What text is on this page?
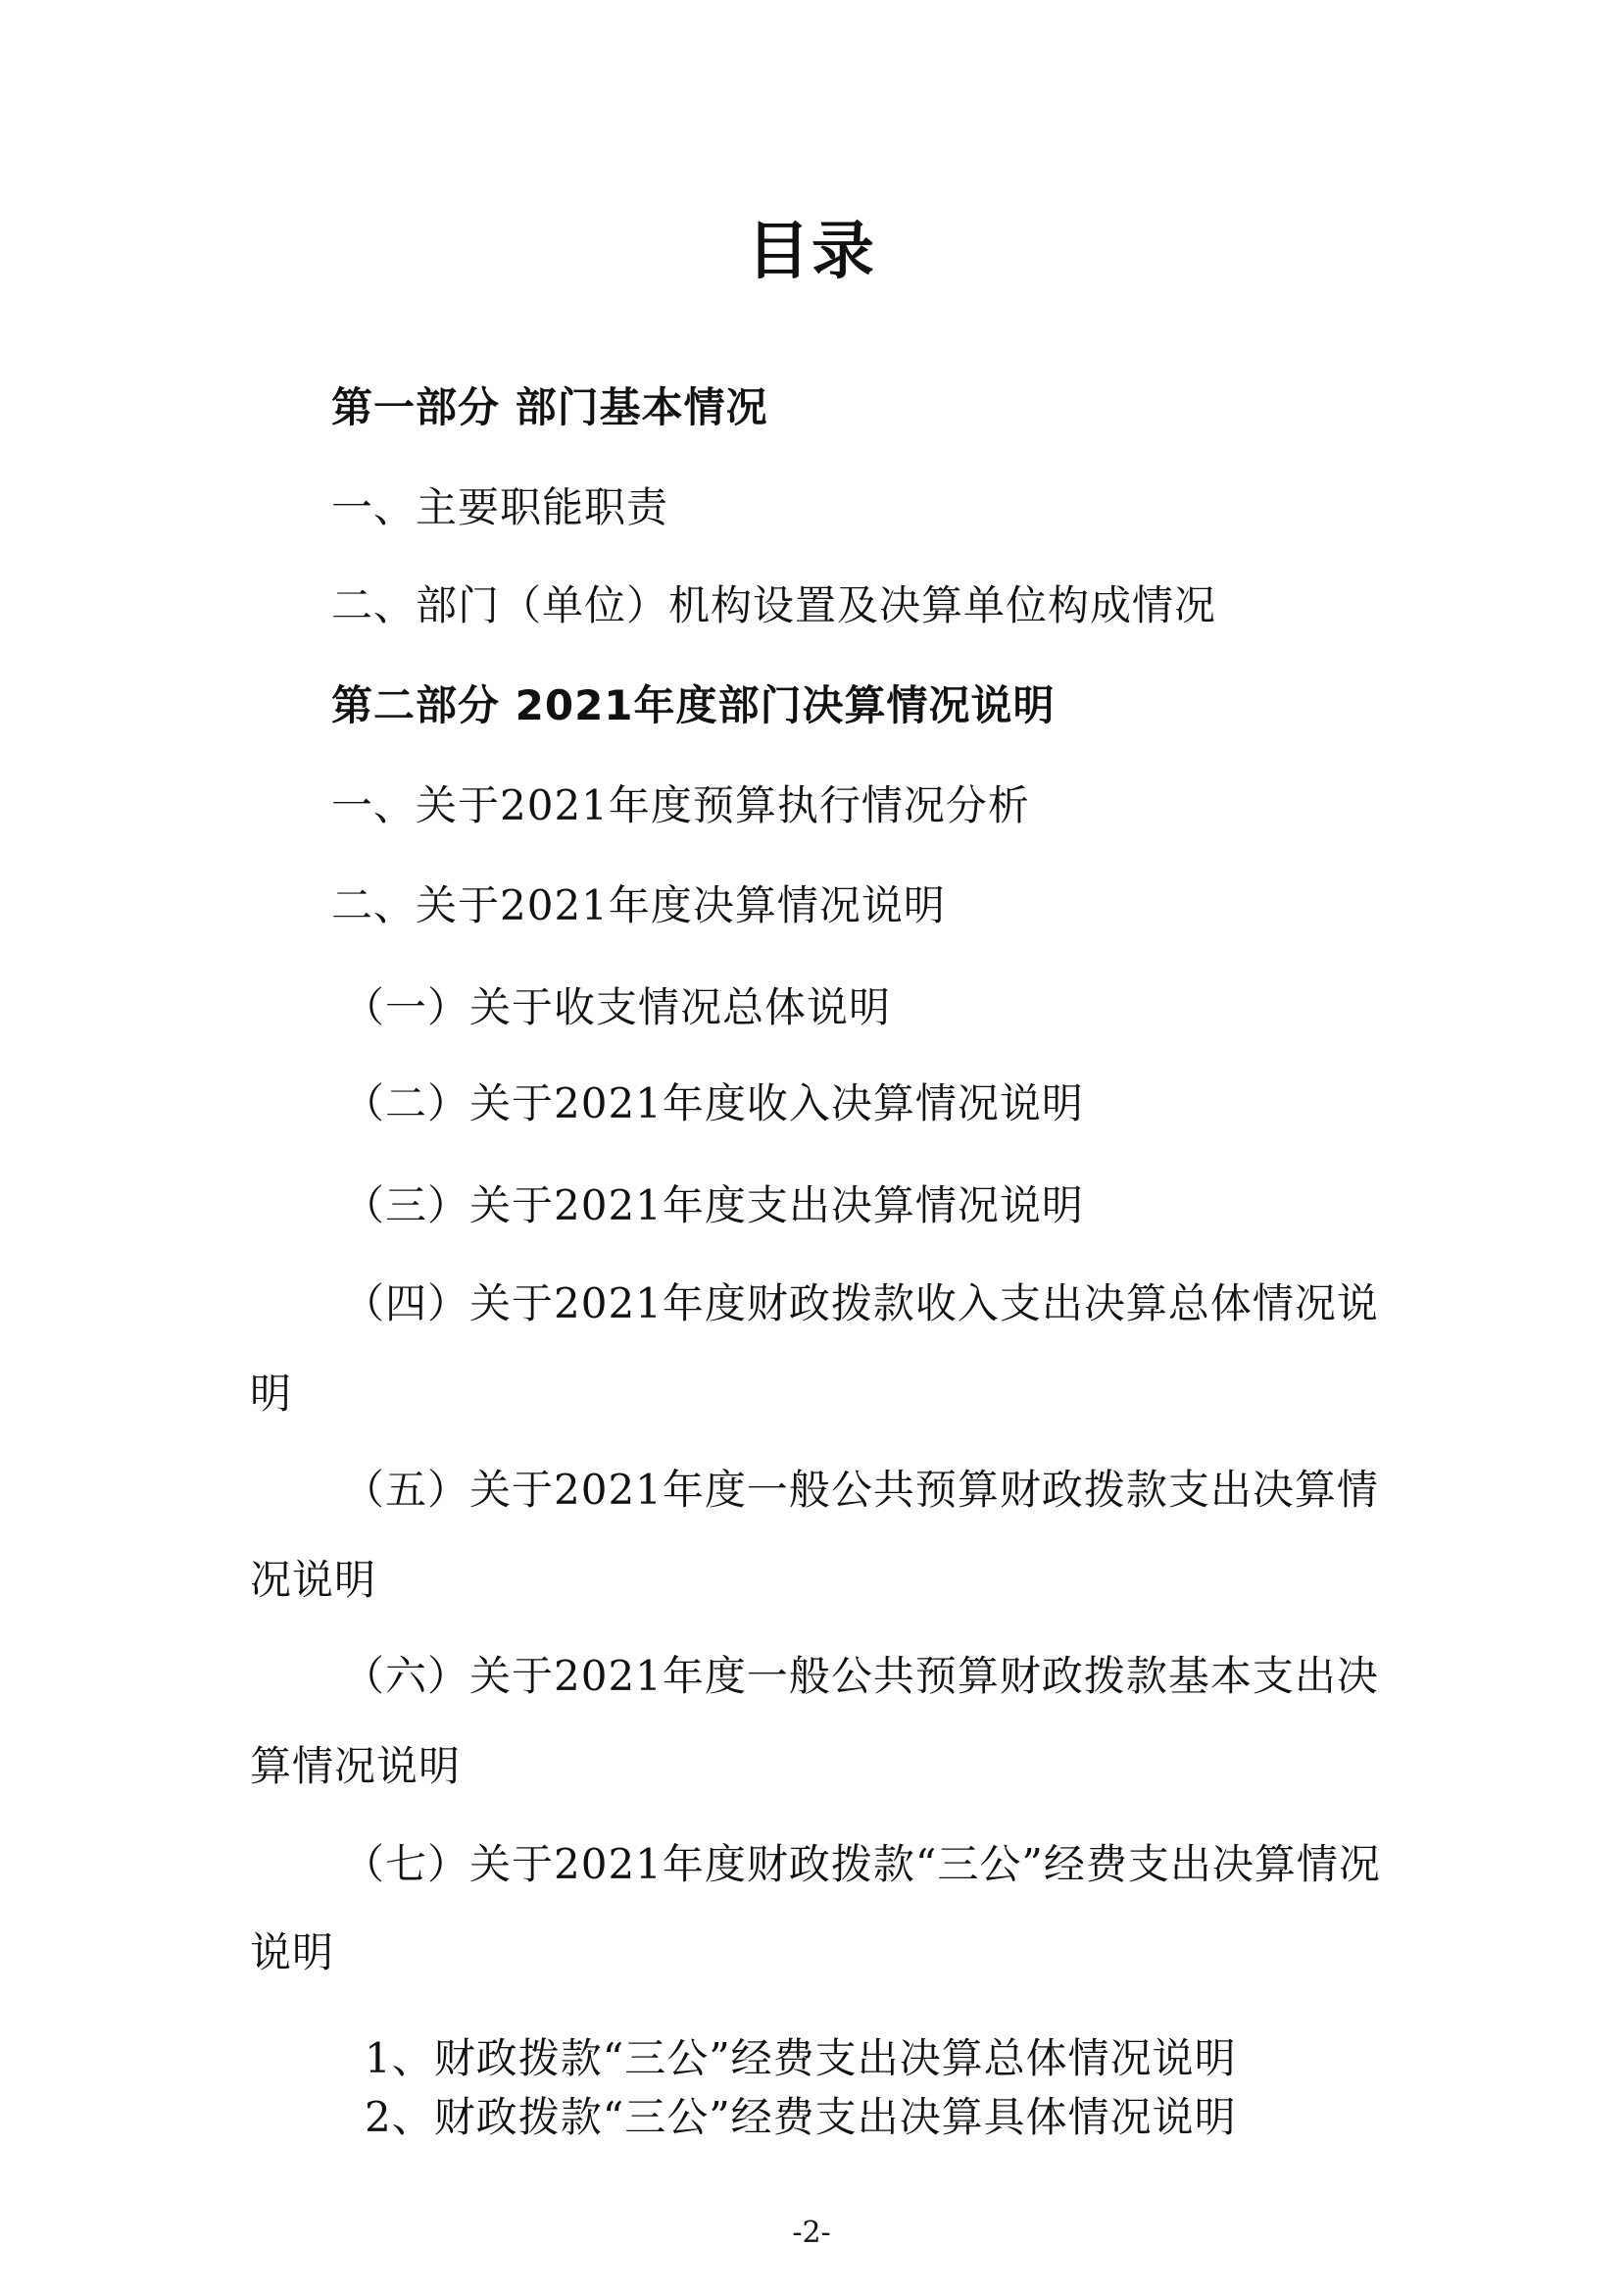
目录
第一部分 部门基本情况
一、主要职能职责
二、部门（单位）机构设置及决算单位构成情况
第二部分 2021年度部门决算情况说明
一、关于2021年度预算执行情况分析
二、关于2021年度决算情况说明
（一）关于收支情况总体说明
（二）关于2021年度收入决算情况说明
（三）关于2021年度支出决算情况说明
（四）关于2021年度财政拨款收入支出决算总体情况说
明
（五）关于2021年度一般公共预算财政拨款支出决算情
况说明
（六）关于2021年度一般公共预算财政拨款基本支出决
算情况说明
（七）关于2021年度财政拨款“三公”经费支出决算情况
说明
1、财政拨款“三公”经费支出决算总体情况说明
2、财政拨款“三公”经费支出决算具体情况说明
-2-
